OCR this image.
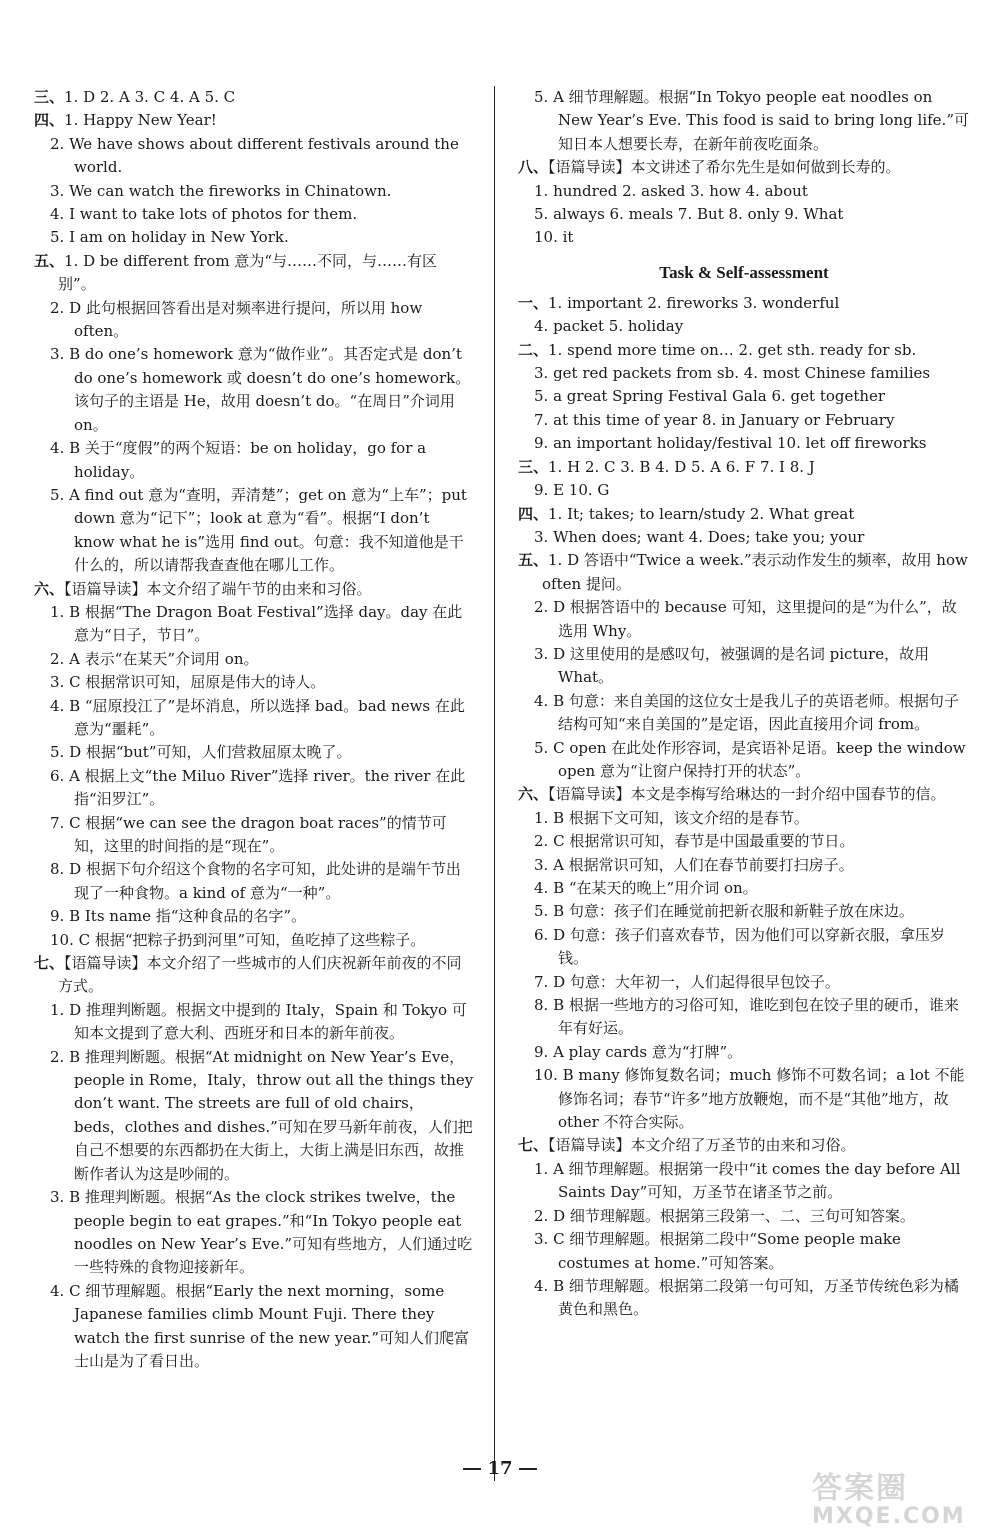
三、1. D 2. A 3. C 4. A 5. C
四、1. Happy New Year!
2. We have shows about different festivals around the world.
3. We can watch the fireworks in Chinatown.
4. I want to take lots of photos for them.
5. I am on holiday in New York.
五、1. D be different from 意为“与……不同，与……有区别”。
2. D 此句根据回答看出是对频率进行提问，所以用 how often。
3. B do one’s homework 意为“做作业”。其否定式是 don’t do one’s homework 或 doesn’t do one’s homework。该句子的主语是 He，故用 doesn’t do。“在周日”介词用 on。
4. B 关于“度假”的两个短语：be on holiday，go for a holiday。
5. A find out 意为“查明，弄清楚”；get on 意为“上车”；put down 意为“记下”；look at 意为“看”。根据“I don’t know what he is”选用 find out。句意：我不知道他是干什么的，所以请帮我查查他在哪儿工作。
六、【语篇导读】本文介绍了端午节的由来和习俗。
1. B 根据“The Dragon Boat Festival”选择 day。day 在此意为“日子，节日”。
2. A 表示“在某天”介词用 on。
3. C 根据常识可知，屈原是伟大的诗人。
4. B “屈原投江了”是坏消息，所以选择 bad。bad news 在此意为“噩耗”。
5. D 根据“but”可知，人们营救屈原太晚了。
6. A 根据上文“the Miluo River”选择 river。the river 在此指“汨罗江”。
7. C 根据“we can see the dragon boat races”的情节可知，这里的时间指的是“现在”。
8. D 根据下句介绍这个食物的名字可知，此处讲的是端午节出现了一种食物。a kind of 意为“一种”。
9. B Its name 指“这种食品的名字”。
10. C 根据“把粽子扔到河里”可知，鱼吃掉了这些粽子。
七、【语篇导读】本文介绍了一些城市的人们庆祝新年前夜的不同方式。
1. D 推理判断题。根据文中提到的 Italy，Spain 和 Tokyo 可知本文提到了意大利、西班牙和日本的新年前夜。
2. B 推理判断题。根据“At midnight on New Year’s Eve，people in Rome，Italy，throw out all the things they don’t want. The streets are full of old chairs，beds，clothes and dishes.”可知在罗马新年前夜，人们把自己不想要的东西都扔在大街上，大街上满是旧东西，故推断作者认为这是吵闹的。
3. B 推理判断题。根据“As the clock strikes twelve，the people begin to eat grapes.”和“In Tokyo people eat noodles on New Year’s Eve.”可知有些地方，人们通过吃一些特殊的食物迎接新年。
4. C 细节理解题。根据“Early the next morning，some Japanese families climb Mount Fuji. There they watch the first sunrise of the new year.”可知人们爬富士山是为了看日出。
5. A 细节理解题。根据“In Tokyo people eat noodles on New Year’s Eve. This food is said to bring long life.”可知日本人想要长寿，在新年前夜吃面条。
八、【语篇导读】本文讲述了希尔先生是如何做到长寿的。
1. hundred 2. asked 3. how 4. about
5. always 6. meals 7. But 8. only 9. What
10. it
Task & Self-assessment
一、1. important 2. fireworks 3. wonderful
4. packet 5. holiday
二、1. spend more time on… 2. get sth. ready for sb.
3. get red packets from sb. 4. most Chinese families
5. a great Spring Festival Gala 6. get together
7. at this time of year 8. in January or February
9. an important holiday/festival 10. let off fireworks
三、1. H 2. C 3. B 4. D 5. A 6. F 7. I 8. J
9. E 10. G
四、1. It; takes; to learn/study 2. What great
3. When does; want 4. Does; take you; your
五、1. D 答语中“Twice a week.”表示动作发生的频率，故用 how often 提问。
2. D 根据答语中的 because 可知，这里提问的是“为什么”，故选用 Why。
3. D 这里使用的是感叹句，被强调的是名词 picture，故用 What。
4. B 句意：来自美国的这位女士是我儿子的英语老师。根据句子结构可知“来自美国的”是定语，因此直接用介词 from。
5. C open 在此处作形容词，是宾语补足语。keep the window open 意为“让窗户保持打开的状态”。
六、【语篇导读】本文是李梅写给琳达的一封介绍中国春节的信。
1. B 根据下文可知，该文介绍的是春节。
2. C 根据常识可知，春节是中国最重要的节日。
3. A 根据常识可知，人们在春节前要打扫房子。
4. B “在某天的晚上”用介词 on。
5. B 句意：孩子们在睡觉前把新衣服和新鞋子放在床边。
6. D 句意：孩子们喜欢春节，因为他们可以穿新衣服，拿压岁钱。
7. D 句意：大年初一，人们起得很早包饺子。
8. B 根据一些地方的习俗可知，谁吃到包在饺子里的硬币，谁来年有好运。
9. A play cards 意为“打牌”。
10. B many 修饰复数名词；much 修饰不可数名词；a lot 不能修饰名词；春节“许多”地方放鞭炮，而不是“其他”地方，故 other 不符合实际。
七、【语篇导读】本文介绍了万圣节的由来和习俗。
1. A 细节理解题。根据第一段中“it comes the day before All Saints Day”可知，万圣节在诸圣节之前。
2. D 细节理解题。根据第三段第一、二、三句可知答案。
3. C 细节理解题。根据第二段中“Some people make costumes at home.”可知答案。
4. B 细节理解题。根据第二段第一句可知，万圣节传统色彩为橘黄色和黑色。
17
答案圈
MXQE.COM
